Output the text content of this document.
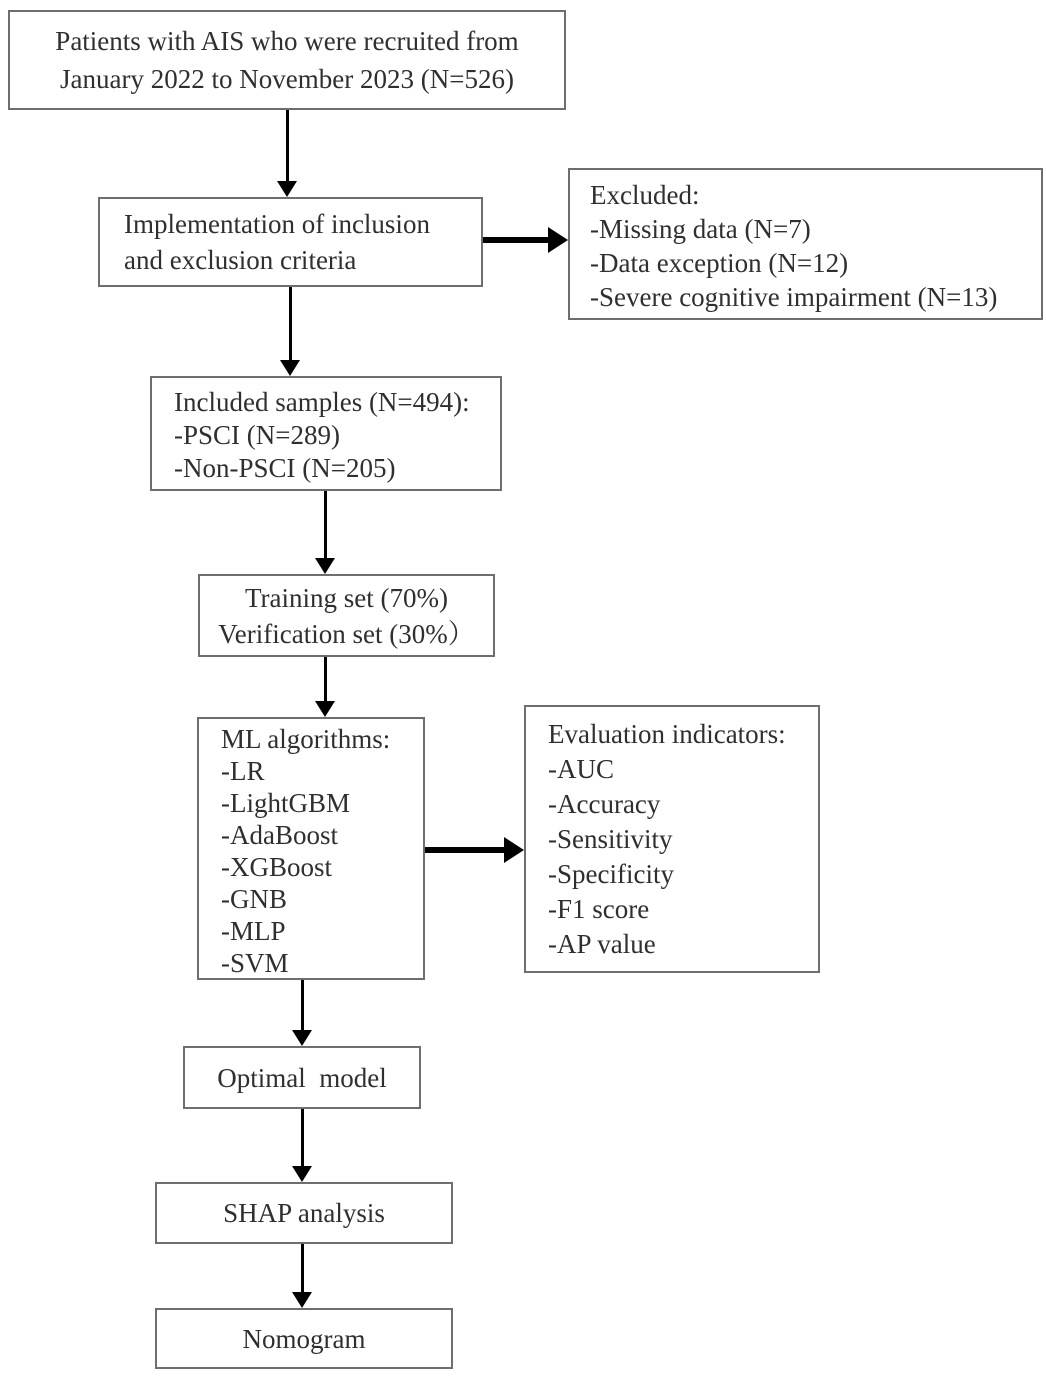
Patients with AIS who were recruited from
January 2022 to November 2023 (N=526)
Implementation of inclusion
and exclusion criteria
Excluded:
-Missing data (N=7)
-Data exception (N=12)
-Severe cognitive impairment (N=13)
Included samples (N=494):
-PSCI (N=289)
-Non-PSCI (N=205)
Training set (70%)
Verification set (30%）
ML algorithms:
-LR
-LightGBM
-AdaBoost
-XGBoost
-GNB
-MLP
-SVM
Evaluation indicators:
-AUC
-Accuracy
-Sensitivity
-Specificity
-F1 score
-AP value
Optimal  model
SHAP analysis
Nomogram
